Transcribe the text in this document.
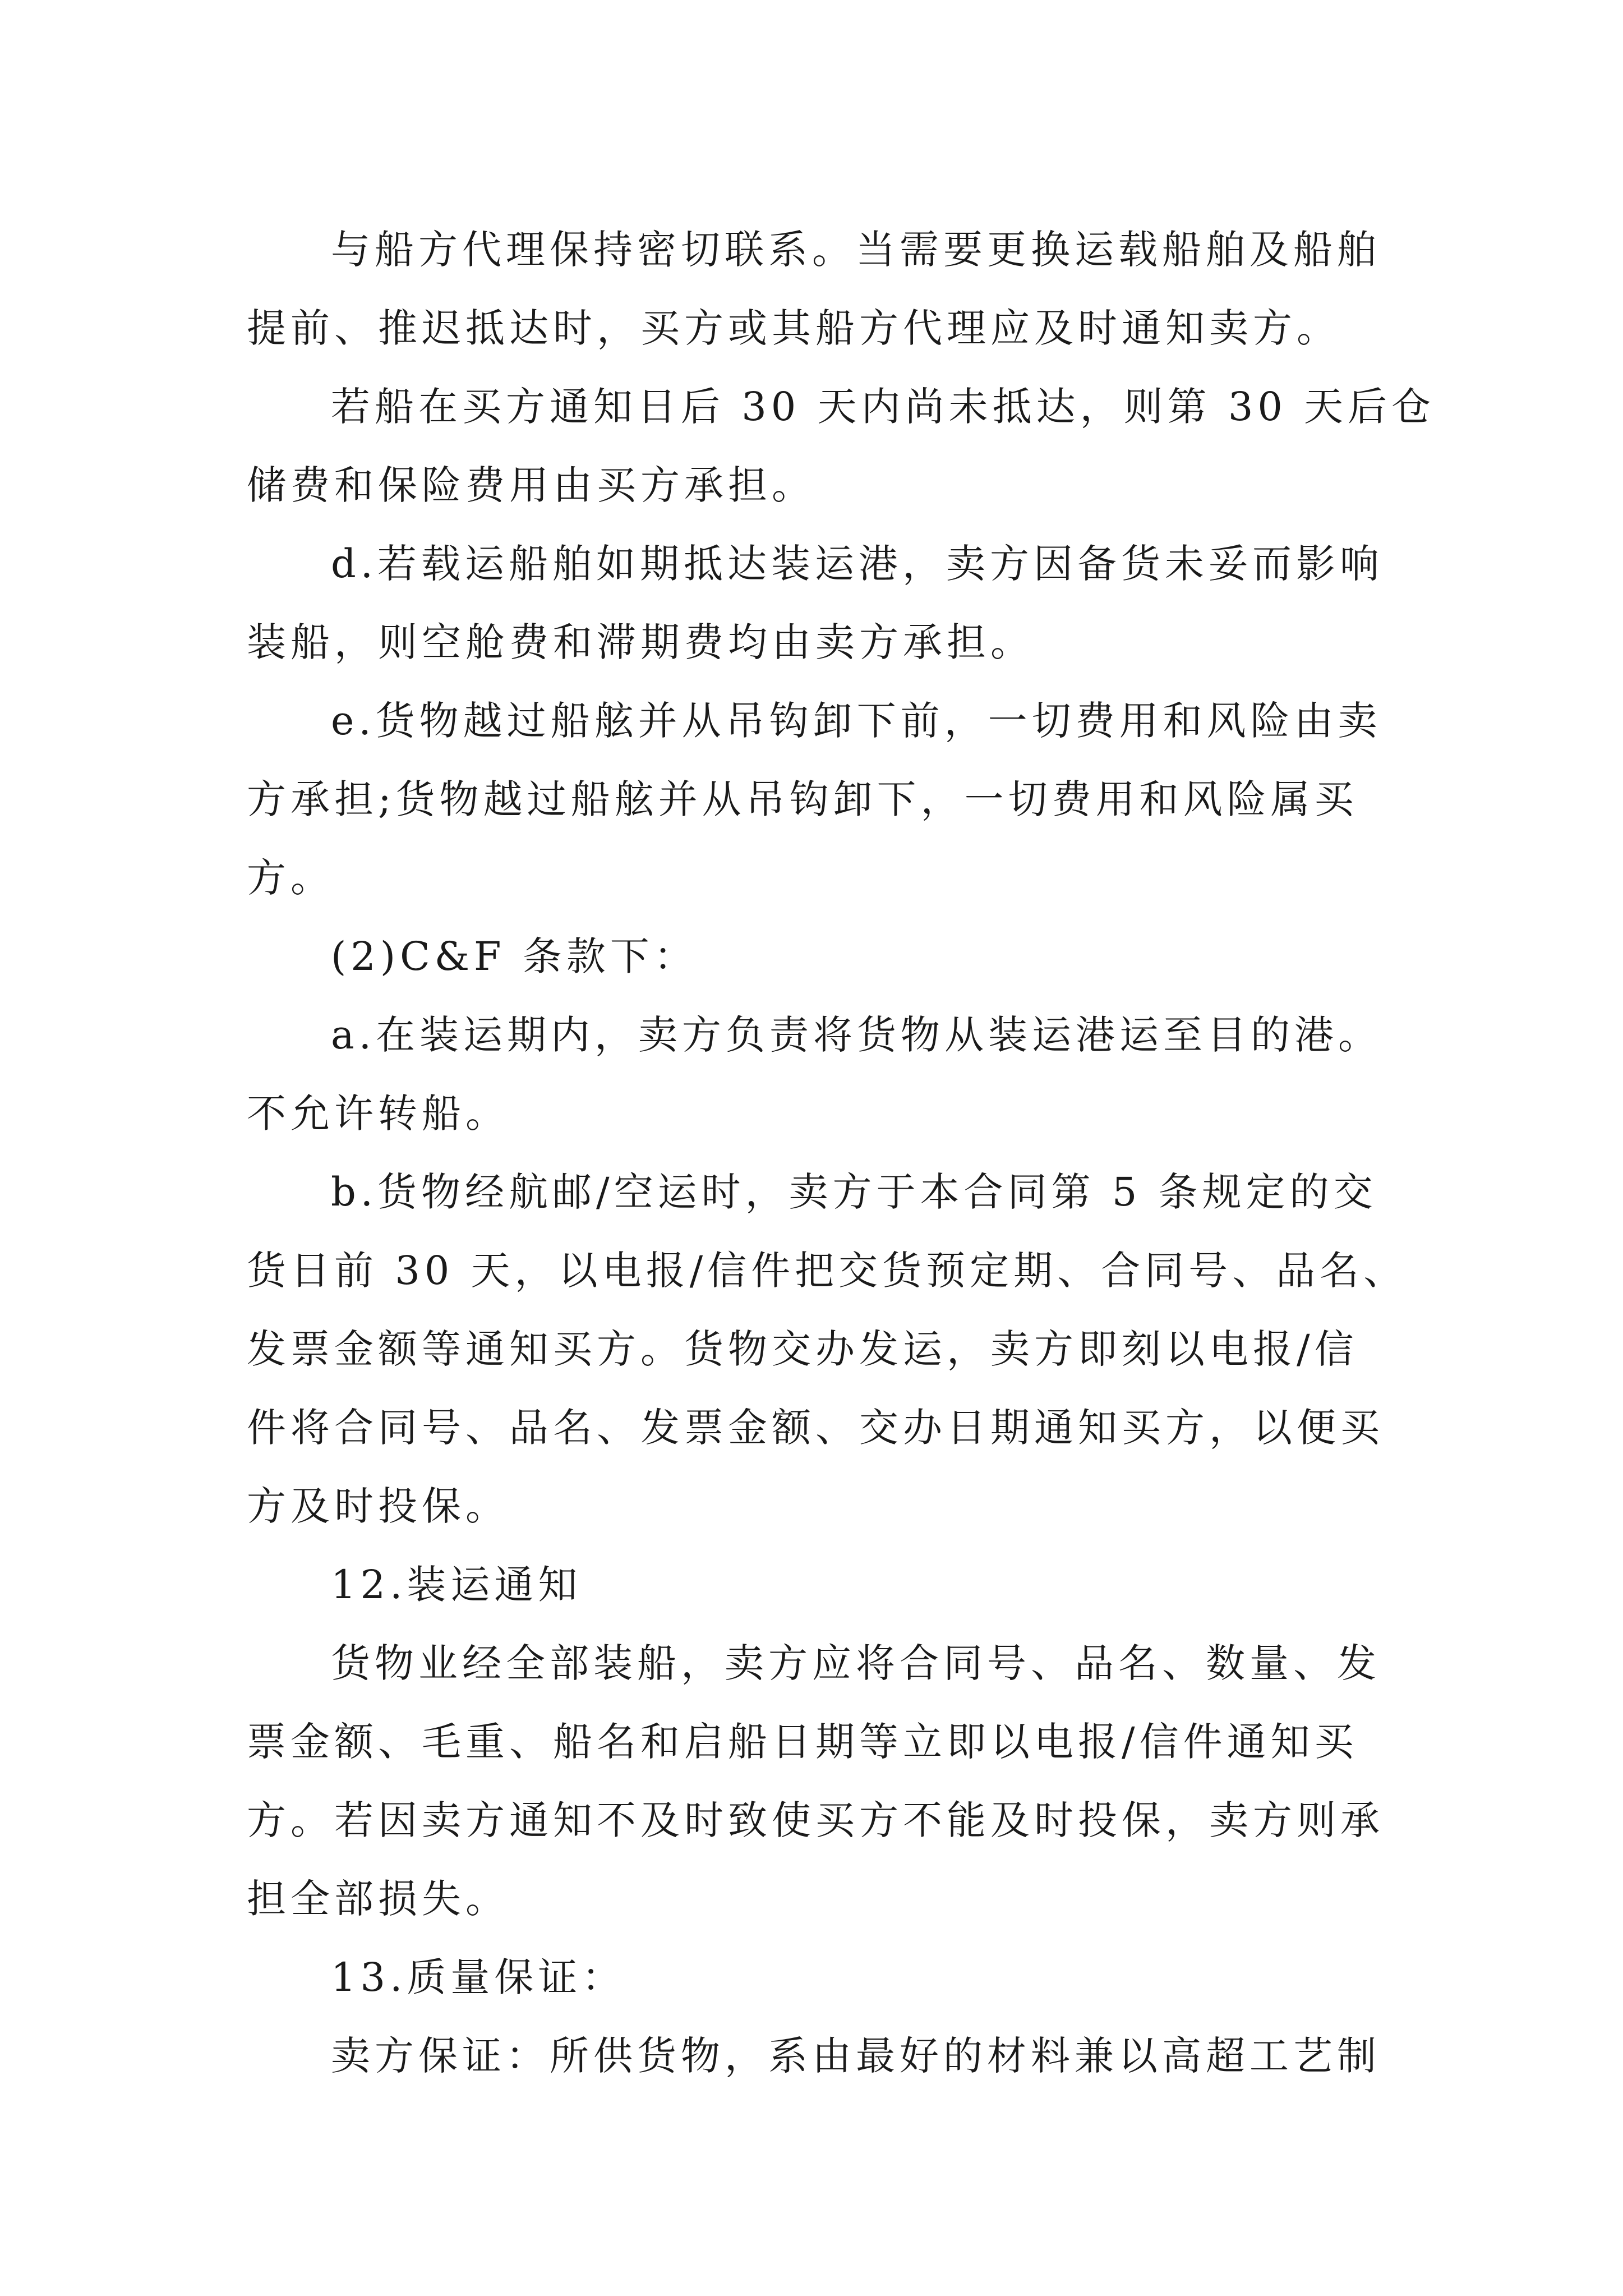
与船方代理保持密切联系。当需要更换运载船舶及船舶
提前、推迟抵达时，买方或其船方代理应及时通知卖方。
若船在买方通知日后 30 天内尚未抵达，则第 30 天后仓
储费和保险费用由买方承担。
d.若载运船舶如期抵达装运港，卖方因备货未妥而影响
装船，则空舱费和滞期费均由卖方承担。
e.货物越过船舷并从吊钩卸下前，一切费用和风险由卖
方承担;货物越过船舷并从吊钩卸下，一切费用和风险属买
方。
(2)C&F 条款下：
a.在装运期内，卖方负责将货物从装运港运至目的港。
不允许转船。
b.货物经航邮/空运时，卖方于本合同第 5 条规定的交
货日前 30 天，以电报/信件把交货预定期、合同号、品名、
发票金额等通知买方。货物交办发运，卖方即刻以电报/信
件将合同号、品名、发票金额、交办日期通知买方，以便买
方及时投保。
12.装运通知
货物业经全部装船，卖方应将合同号、品名、数量、发
票金额、毛重、船名和启船日期等立即以电报/信件通知买
方。若因卖方通知不及时致使买方不能及时投保，卖方则承
担全部损失。
13.质量保证：
卖方保证：所供货物，系由最好的材料兼以高超工艺制
